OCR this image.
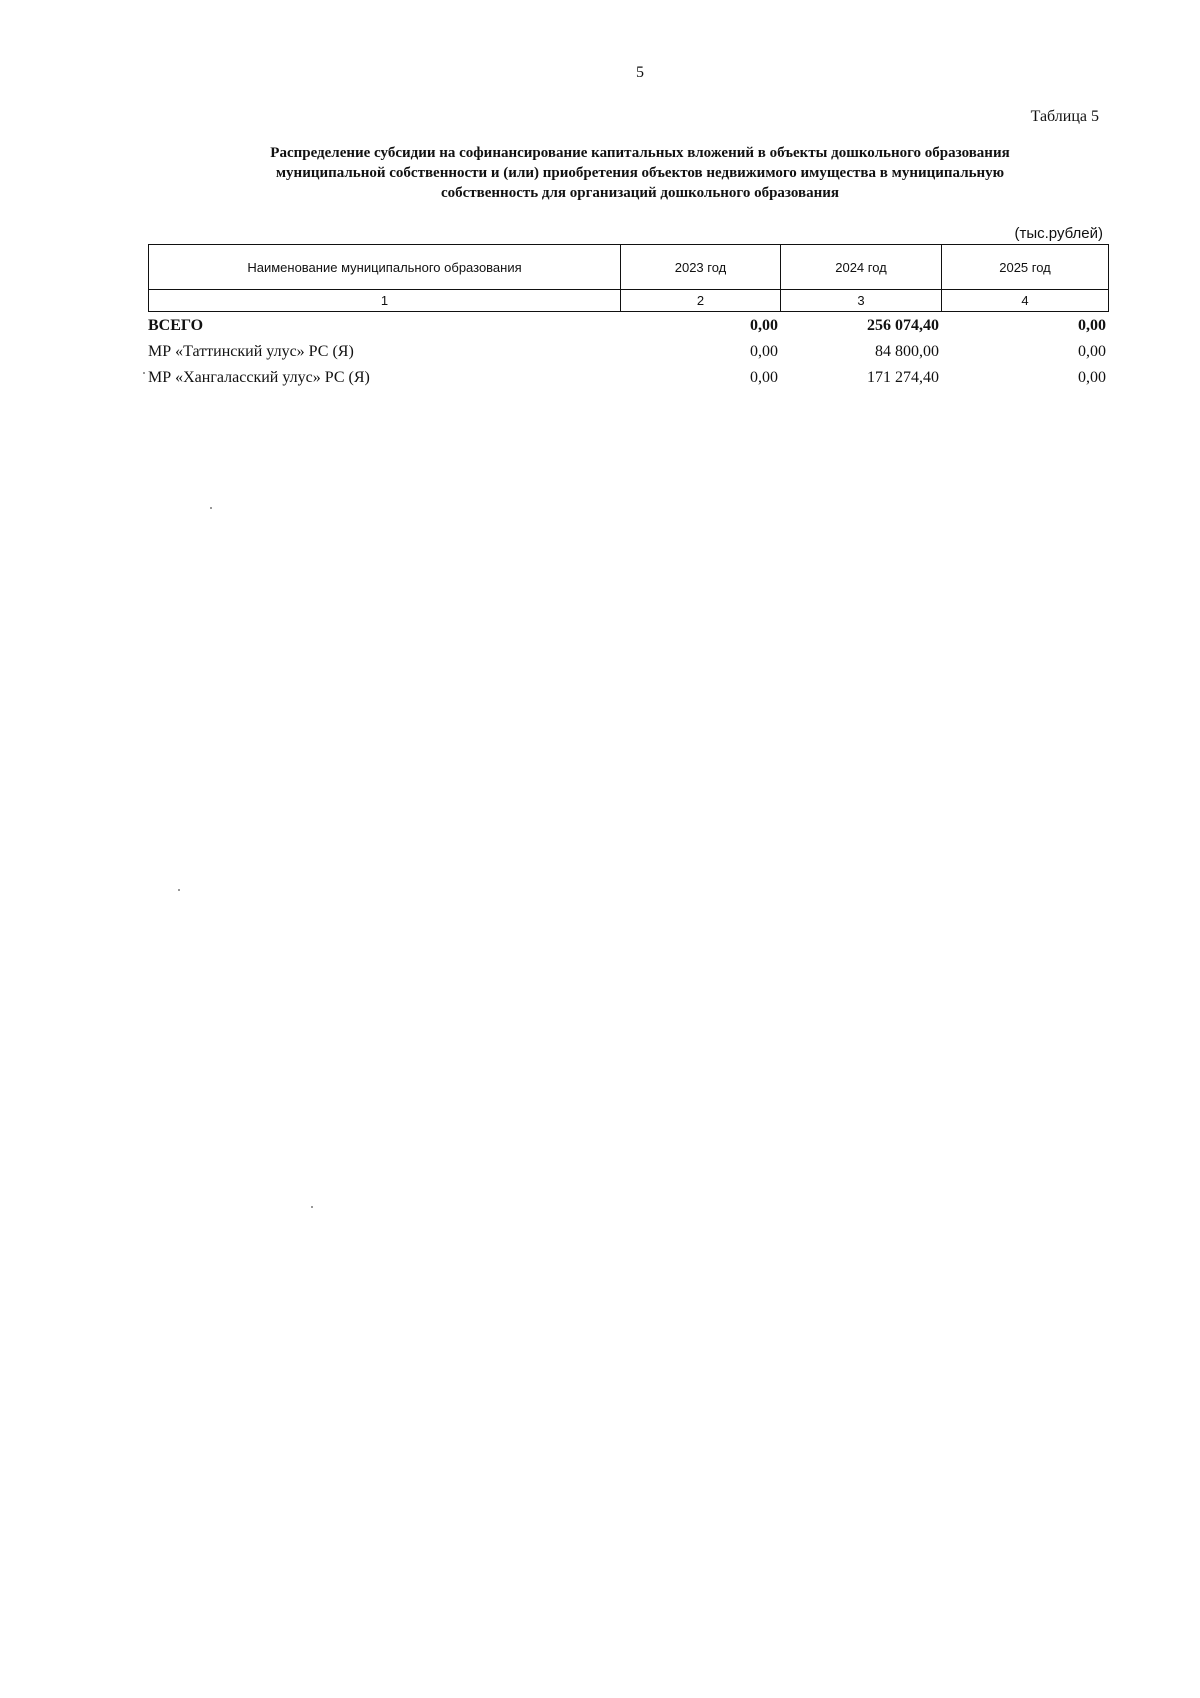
5
Таблица 5
Распределение субсидии на софинансирование капитальных вложений в объекты дошкольного образования
муниципальной собственности и (или) приобретения объектов недвижимого имущества в муниципальную
собственность для организаций дошкольного образования
(тыс.рублей)
Наименование муниципального образования	2023 год	2024 год	2025 год
1	2	3	4
ВСЕГО	0,00	256 074,40	0,00
МР «Таттинский улус» РС (Я)	0,00	84 800,00	0,00
МР «Хангаласский улус» РС (Я)	0,00	171 274,40	0,00
